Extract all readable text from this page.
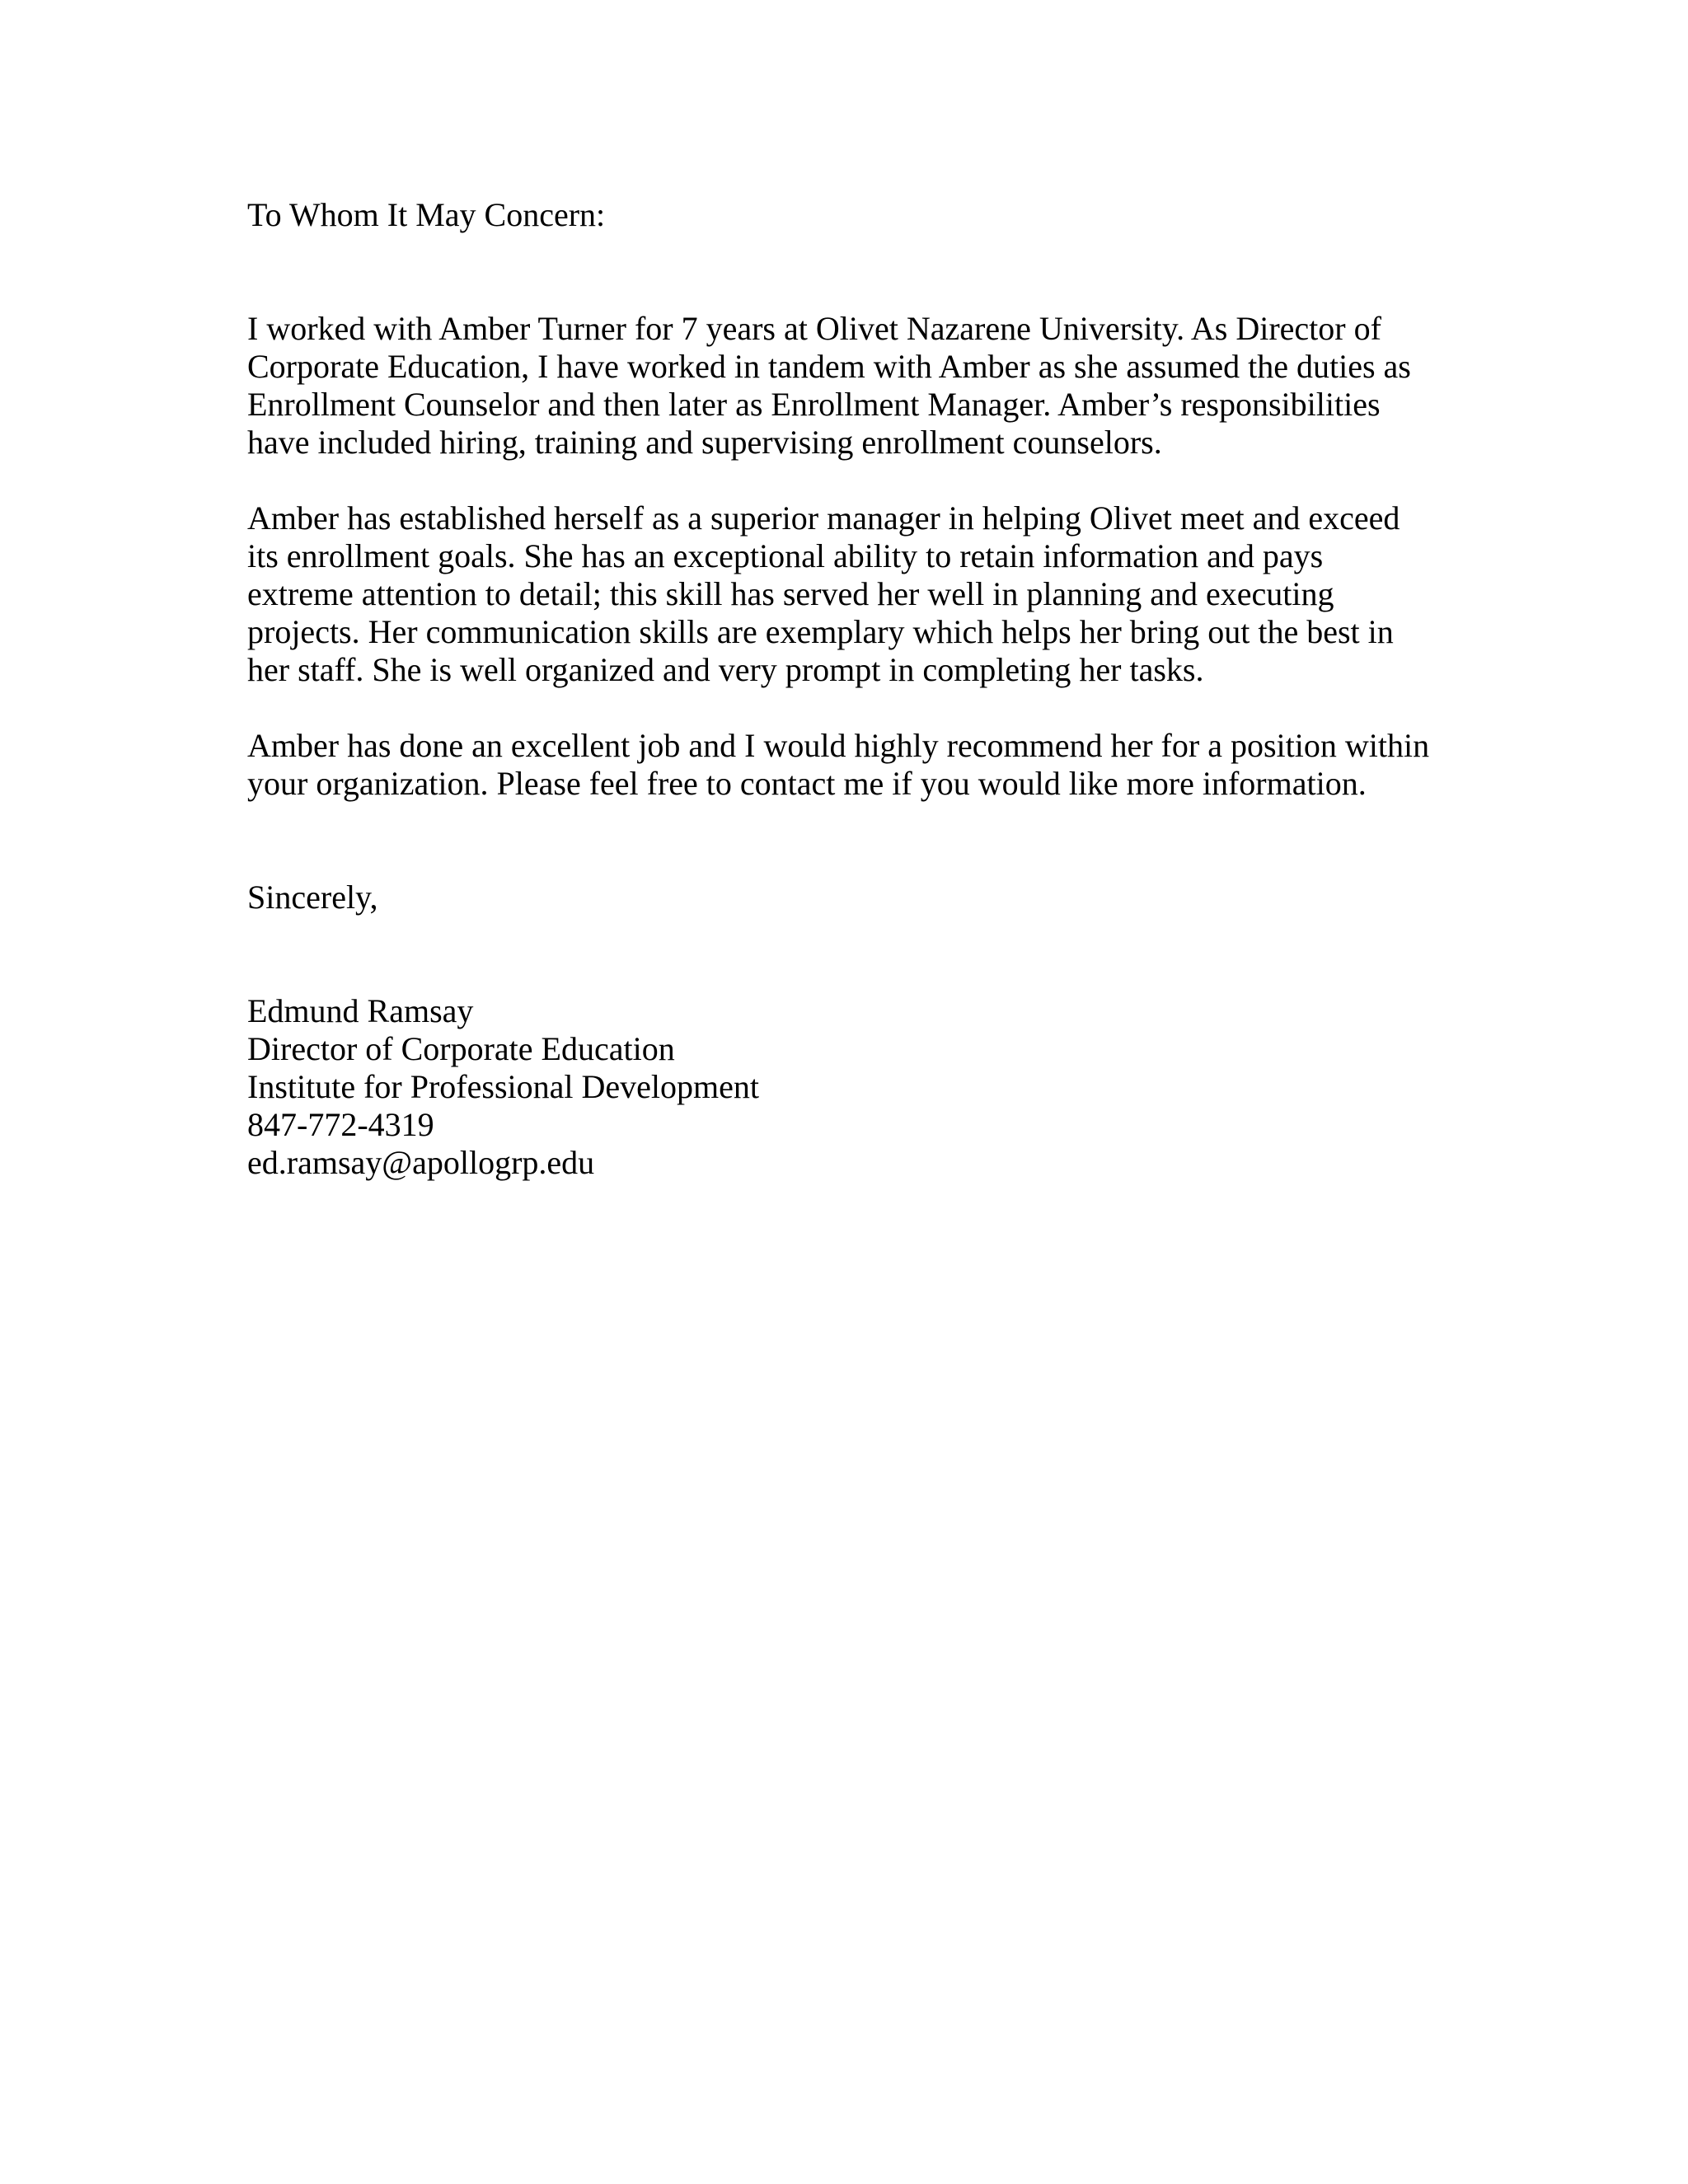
To Whom It May Concern:
I worked with Amber Turner for 7 years at Olivet Nazarene University. As Director of
Corporate Education, I have worked in tandem with Amber as she assumed the duties as
Enrollment Counselor and then later as Enrollment Manager. Amber’s responsibilities
have included hiring, training and supervising enrollment counselors.
Amber has established herself as a superior manager in helping Olivet meet and exceed
its enrollment goals. She has an exceptional ability to retain information and pays
extreme attention to detail; this skill has served her well in planning and executing
projects. Her communication skills are exemplary which helps her bring out the best in
her staff. She is well organized and very prompt in completing her tasks.
Amber has done an excellent job and I would highly recommend her for a position within
your organization. Please feel free to contact me if you would like more information.
Sincerely,
Edmund Ramsay
Director of Corporate Education
Institute for Professional Development
847-772-4319
ed.ramsay@apollogrp.edu
